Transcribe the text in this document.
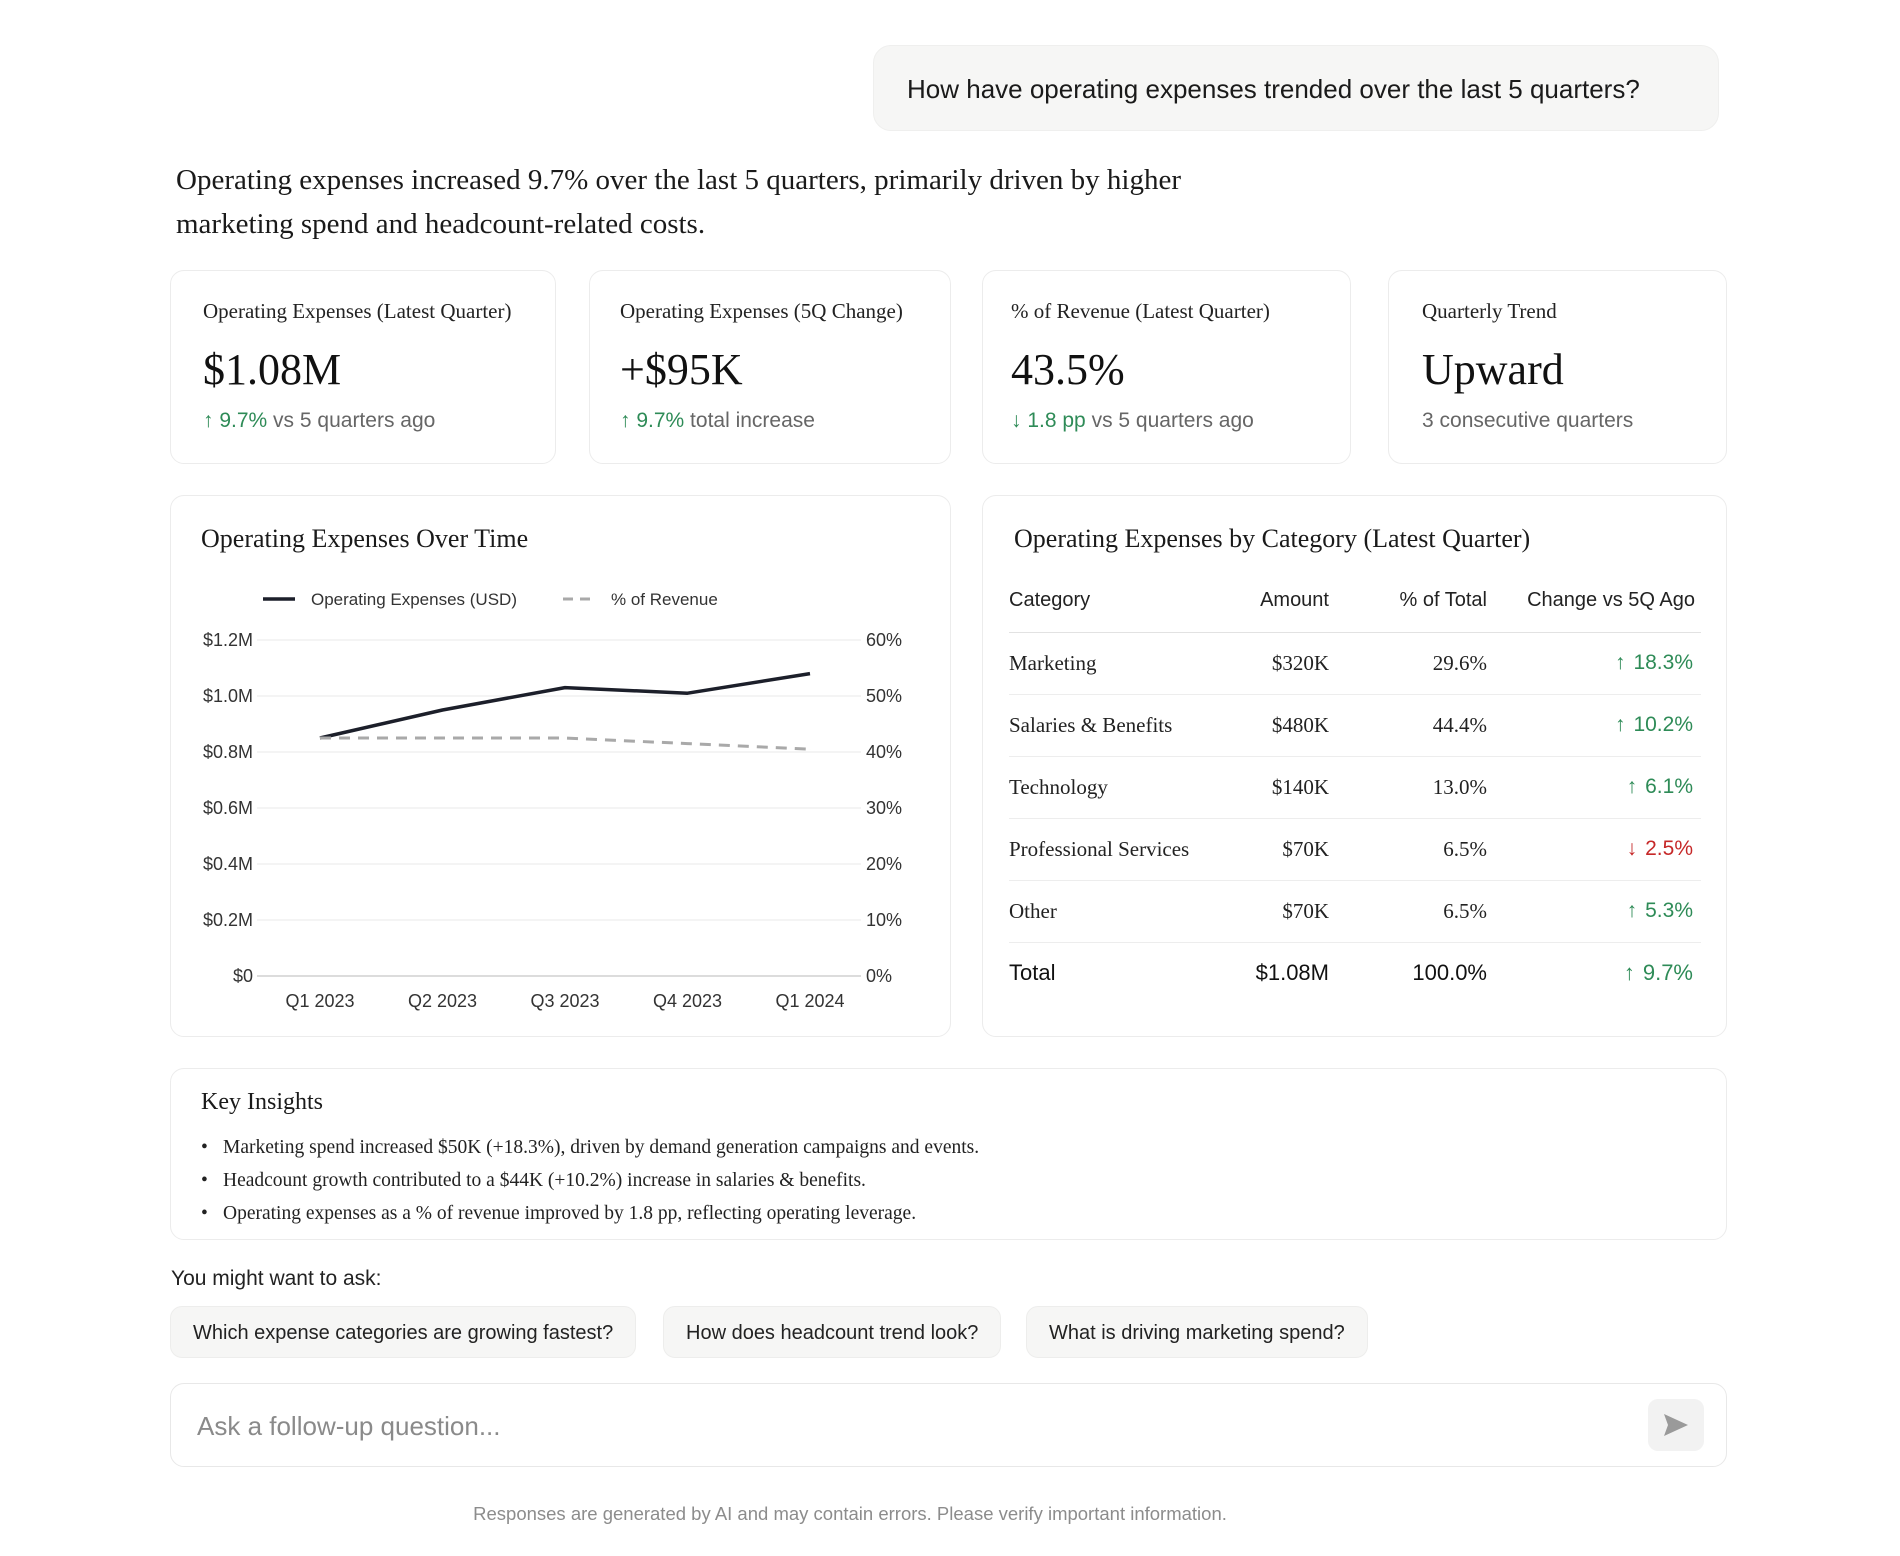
How have operating expenses trended over the last 5 quarters?
Operating expenses increased 9.7% over the last 5 quarters, primarily driven by higher marketing spend and headcount-related costs.
Operating Expenses (Latest Quarter)
$1.08M
↑ 9.7% vs 5 quarters ago
Operating Expenses (5Q Change)
+$95K
↑ 9.7% total increase
% of Revenue (Latest Quarter)
43.5%
↓ 1.8 pp vs 5 quarters ago
Quarterly Trend
Upward
3 consecutive quarters
Operating Expenses Over Time
Operating Expenses (USD)	% of Revenue
$0
$0.2M
$0.4M
$0.6M
$0.8M
$1.0M
$1.2M
0%
10%
20%
30%
40%
50%
60%
Q1 2023	Q2 2023	Q3 2023	Q4 2023	Q1 2024
Operating Expenses by Category (Latest Quarter)
Category	Amount	% of Total	Change vs 5Q Ago
Marketing	$320K	29.6%	↑ 18.3%
Salaries & Benefits	$480K	44.4%	↑ 10.2%
Technology	$140K	13.0%	↑ 6.1%
Professional Services	$70K	6.5%	↓ 2.5%
Other	$70K	6.5%	↑ 5.3%
Total	$1.08M	100.0%	↑ 9.7%
Key Insights
• Marketing spend increased $50K (+18.3%), driven by demand generation campaigns and events.
• Headcount growth contributed to a $44K (+10.2%) increase in salaries & benefits.
• Operating expenses as a % of revenue improved by 1.8 pp, reflecting operating leverage.
You might want to ask:
Which expense categories are growing fastest?	How does headcount trend look?	What is driving marketing spend?
Ask a follow-up question...
Responses are generated by AI and may contain errors. Please verify important information.
